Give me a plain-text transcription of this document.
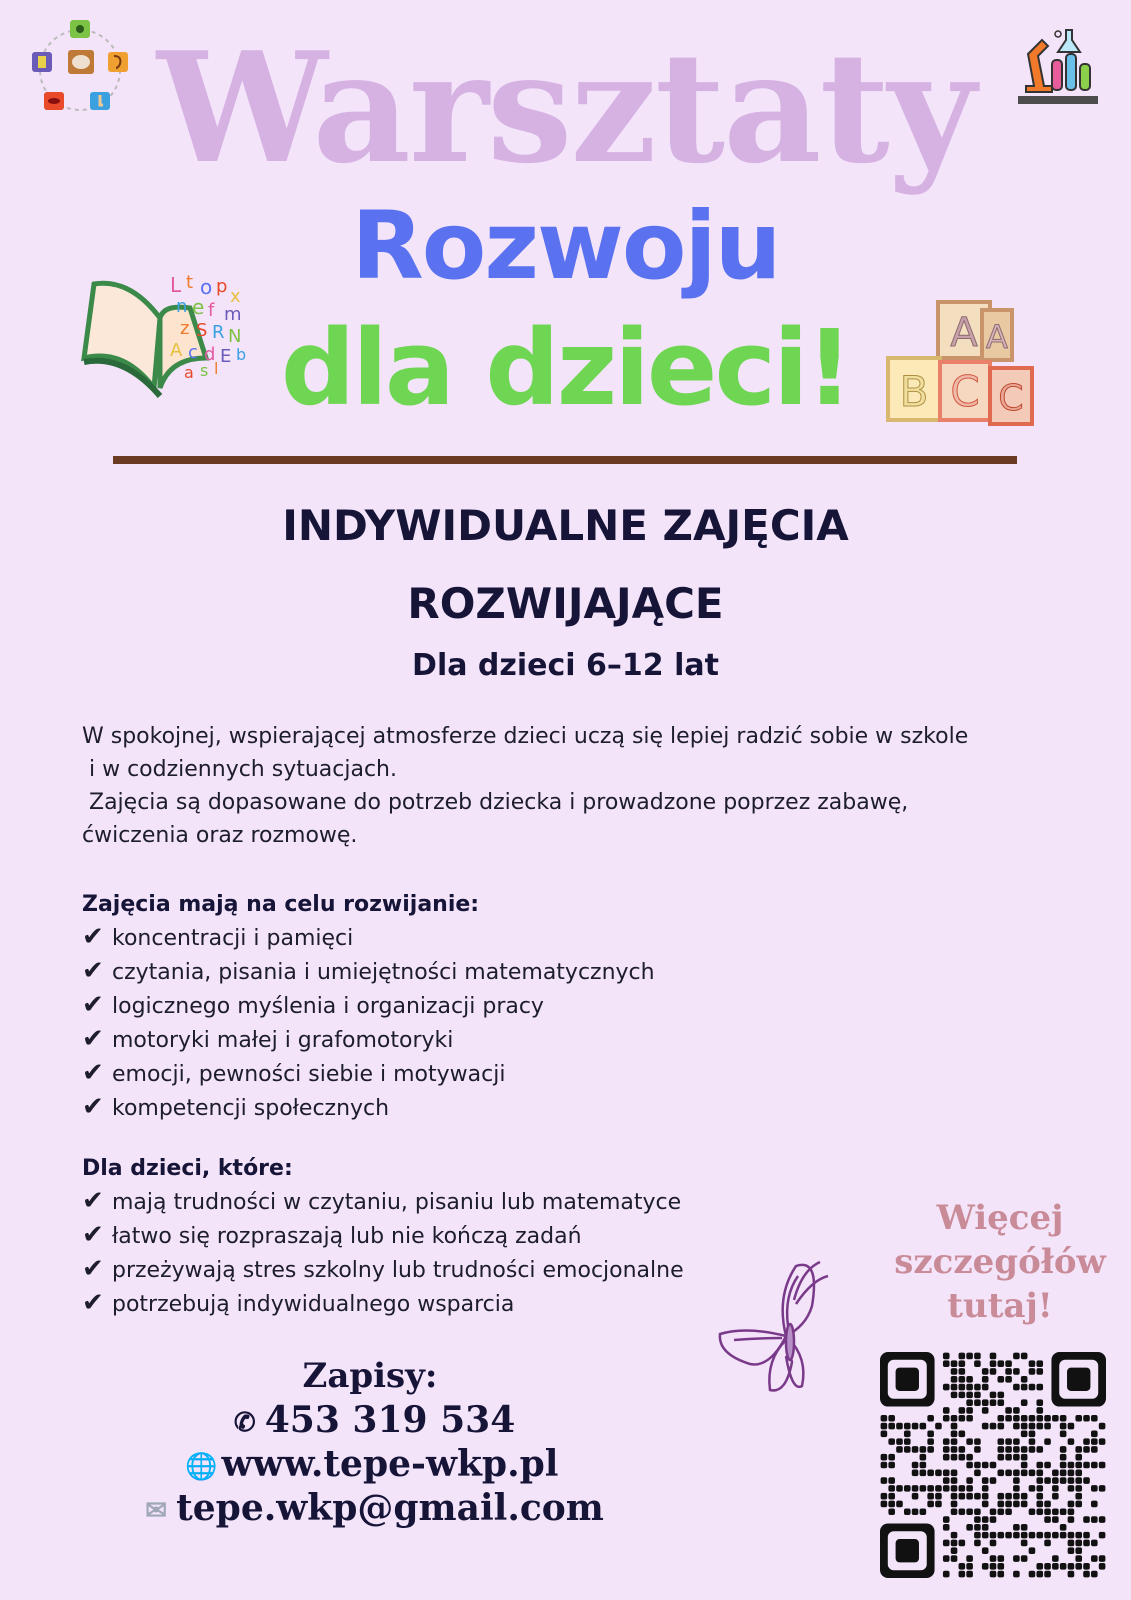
L t o p x
n e f m
z S R N
A c d E b
a s l
A A
B C C
Warsztaty
Rozwoju
dla dzieci!
INDYWIDUALNE ZAJĘCIA
ROZWIJAJĄCE
Dla dzieci 6–12 lat
W spokojnej, wspierającej atmosferze dzieci uczą się lepiej radzić sobie w szkole
i w codziennych sytuacjach.
Zajęcia są dopasowane do potrzeb dziecka i prowadzone poprzez zabawę,
ćwiczenia oraz rozmowę.
Zajęcia mają na celu rozwijanie:
✔ koncentracji i pamięci
✔ czytania, pisania i umiejętności matematycznych
✔ logicznego myślenia i organizacji pracy
✔ motoryki małej i grafomotoryki
✔ emocji, pewności siebie i motywacji
✔ kompetencji społecznych
Dla dzieci, które:
✔ mają trudności w czytaniu, pisaniu lub matematyce
✔ łatwo się rozpraszają lub nie kończą zadań
✔ przeżywają stres szkolny lub trudności emocjonalne
✔ potrzebują indywidualnego wsparcia
Więcej
szczegółów
tutaj!
Zapisy:
✆ 453 319 534
🌐 www.tepe-wkp.pl
✉ tepe.wkp@gmail.com
